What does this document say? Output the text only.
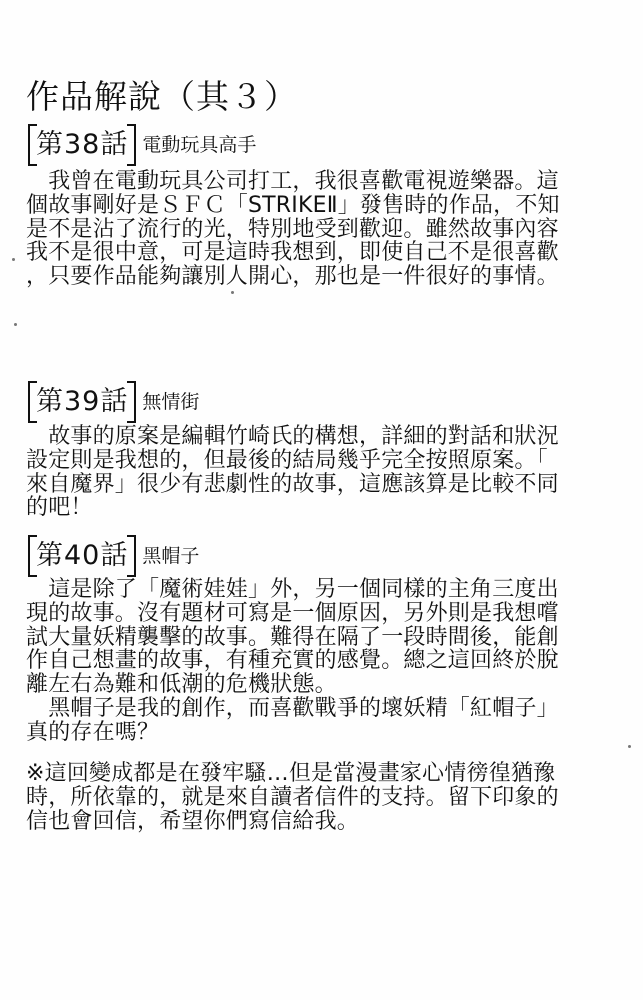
作品解說（其３）
第38話 電動玩具高手

　我曾在電動玩具公司打工，我很喜歡電視遊樂器。這
個故事剛好是ＳＦＣ「STRIKEⅡ」發售時的作品，不知
是不是沾了流行的光，特別地受到歡迎。雖然故事內容
我不是很中意，可是這時我想到，即使自己不是很喜歡
，只要作品能夠讓別人開心，那也是一件很好的事情。

第39話 無情街

　故事的原案是編輯竹崎氏的構想，詳細的對話和狀況
設定則是我想的，但最後的結局幾乎完全按照原案。「
來自魔界」很少有悲劇性的故事，這應該算是比較不同
的吧！

第40話 黑帽子

　這是除了「魔術娃娃」外，另一個同樣的主角三度出
現的故事。沒有題材可寫是一個原因，另外則是我想嚐
試大量妖精襲擊的故事。難得在隔了一段時間後，能創
作自己想畫的故事，有種充實的感覺。總之這回終於脫
離左右為難和低潮的危機狀態。
　黑帽子是我的創作，而喜歡戰爭的壞妖精「紅帽子」
真的存在嗎？

※這回變成都是在發牢騷…但是當漫畫家心情徬徨猶豫
時，所依靠的，就是來自讀者信件的支持。留下印象的
信也會回信，希望你們寫信給我。
